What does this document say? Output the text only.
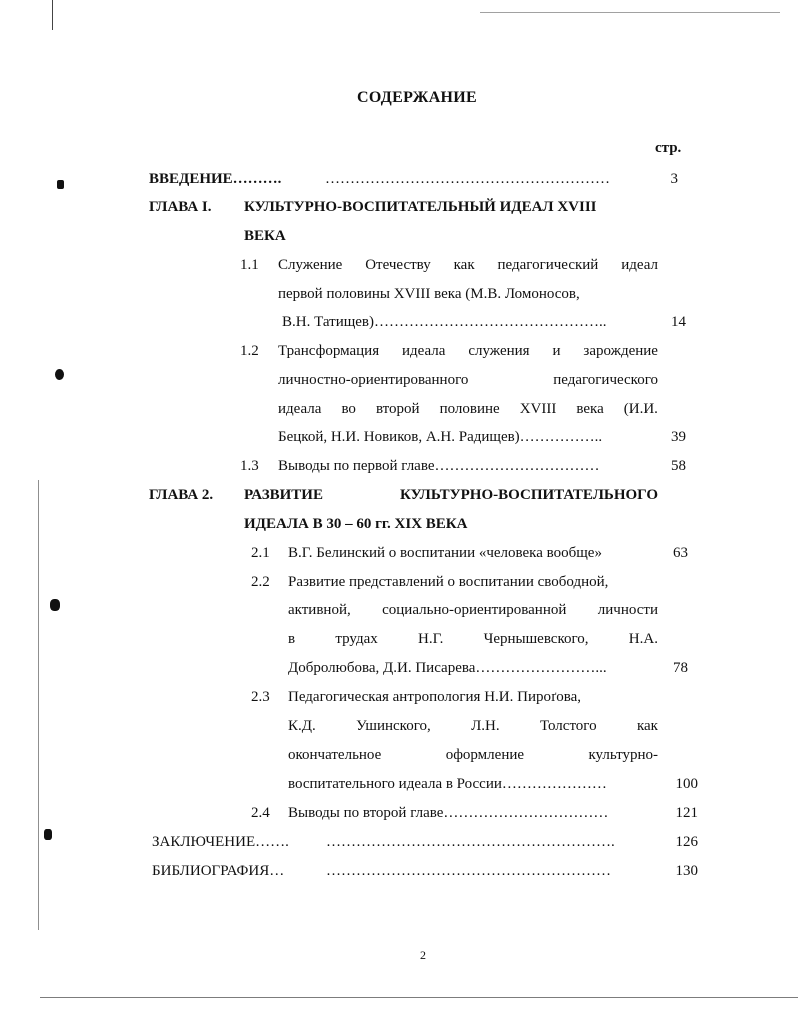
СОДЕРЖАНИЕ
стр.
ВВЕДЕНИЕ……….	…………………………………………………	3
ГЛАВА I. КУЛЬТУРНО-ВОСПИТАТЕЛЬНЫЙ ИДЕАЛ XVIII
ВЕКА
1.1 Служение Отечеству как педагогический идеал
первой половины XVIII века (М.В. Ломоносов,
В.Н. Татищев)………………………………………..	14
1.2 Трансформация идеала служения и зарождение
личностно-ориентированного	педагогического
идеала во второй половине XVIII века (И.И.
Бецкой, Н.И. Новиков, А.Н. Радищев)……………..	39
1.3 Выводы по первой главе……………………………	58
ГЛАВА 2. РАЗВИТИЕ	КУЛЬТУРНО-ВОСПИТАТЕЛЬНОГО
ИДЕАЛА В 30 – 60 гг. XIX ВЕКА
2.1 В.Г. Белинский о воспитании «человека вообще»	63
2.2 Развитие представлений о воспитании свободной,
активной, социально-ориентированной личности
в	трудах	Н.Г.	Чернышевского,	Н.А.
Добролюбова, Д.И. Писарева……………………...	78
2.3 Педагогическая антропология Н.И. Пироґова,
К.Д.	Ушинского,	Л.Н.	Толстого	как
окончательное	оформление	культурно-
воспитательного идеала в России…………………	100
2.4 Выводы по второй главе……………………………	121
ЗАКЛЮЧЕНИЕ……. ………………………………………………….	126
БИБЛИОГРАФИЯ…	…………………………………………………	130
2
